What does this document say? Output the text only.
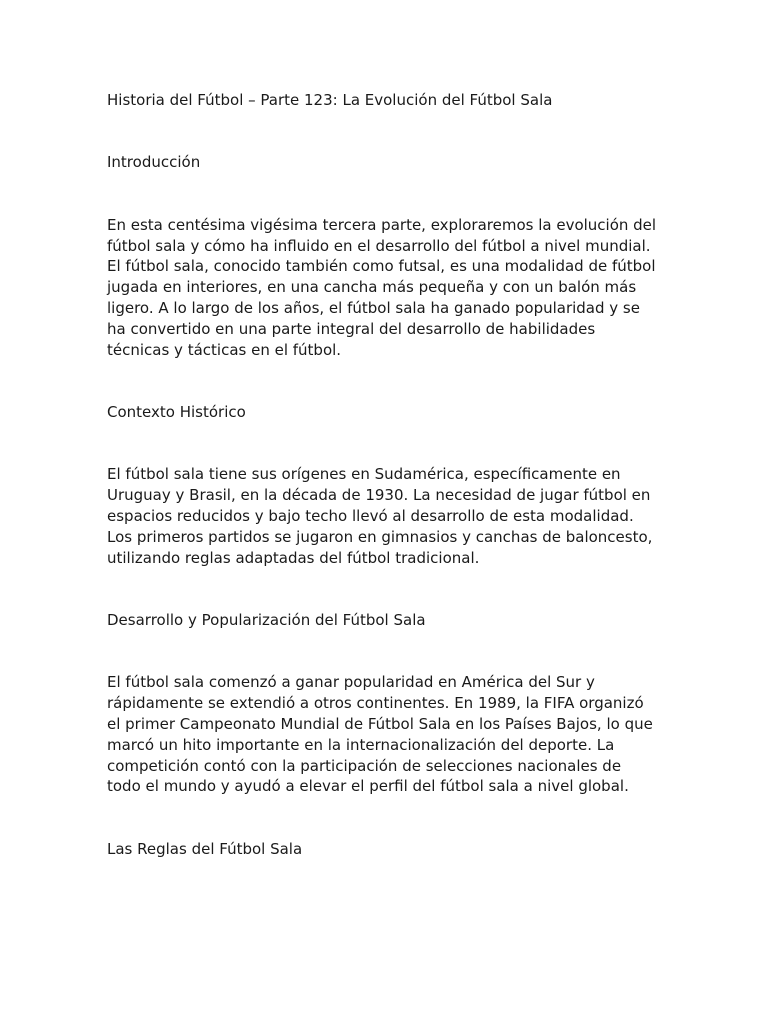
Historia del Fútbol – Parte 123: La Evolución del Fútbol Sala
Introducción
En esta centésima vigésima tercera parte, exploraremos la evolución del
fútbol sala y cómo ha influido en el desarrollo del fútbol a nivel mundial.
El fútbol sala, conocido también como futsal, es una modalidad de fútbol
jugada en interiores, en una cancha más pequeña y con un balón más
ligero. A lo largo de los años, el fútbol sala ha ganado popularidad y se
ha convertido en una parte integral del desarrollo de habilidades
técnicas y tácticas en el fútbol.
Contexto Histórico
El fútbol sala tiene sus orígenes en Sudamérica, específicamente en
Uruguay y Brasil, en la década de 1930. La necesidad de jugar fútbol en
espacios reducidos y bajo techo llevó al desarrollo de esta modalidad.
Los primeros partidos se jugaron en gimnasios y canchas de baloncesto,
utilizando reglas adaptadas del fútbol tradicional.
Desarrollo y Popularización del Fútbol Sala
El fútbol sala comenzó a ganar popularidad en América del Sur y
rápidamente se extendió a otros continentes. En 1989, la FIFA organizó
el primer Campeonato Mundial de Fútbol Sala en los Países Bajos, lo que
marcó un hito importante en la internacionalización del deporte. La
competición contó con la participación de selecciones nacionales de
todo el mundo y ayudó a elevar el perfil del fútbol sala a nivel global.
Las Reglas del Fútbol Sala
